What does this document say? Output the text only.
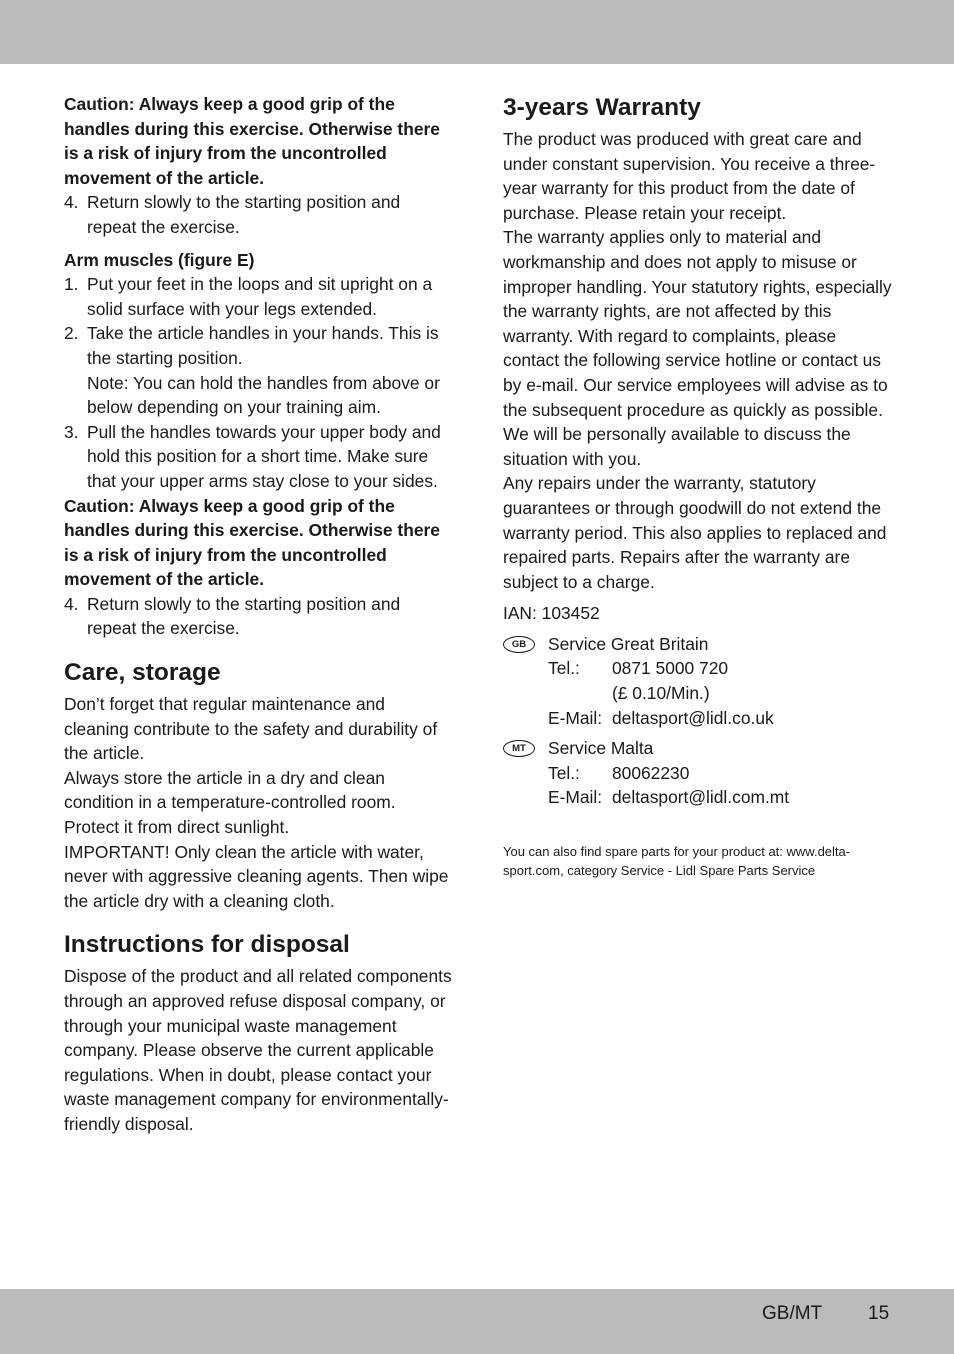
Caution: Always keep a good grip of the handles during this exercise. Otherwise there is a risk of injury from the uncontrolled movement of the article.

4. Return slowly to the starting position and repeat the exercise.

Arm muscles (figure E)

1. Put your feet in the loops and sit upright on a solid surface with your legs extended.
2. Take the article handles in your hands. This is the starting position.
Note: You can hold the handles from above or below depending on your training aim.
3. Pull the handles towards your upper body and hold this position for a short time. Make sure that your upper arms stay close to your sides.

Caution: Always keep a good grip of the handles during this exercise. Otherwise there is a risk of injury from the uncontrolled movement of the article.

4. Return slowly to the starting position and repeat the exercise.
Care, storage

Don’t forget that regular maintenance and cleaning contribute to the safety and durability of the article.

Always store the article in a dry and clean condition in a temperature-controlled room. Protect it from direct sunlight.

IMPORTANT! Only clean the article with water, never with aggressive cleaning agents. Then wipe the article dry with a cleaning cloth.

Instructions for disposal

Dispose of the product and all related components through an approved refuse disposal company, or through your municipal waste management company. Please observe the current applicable regulations. When in doubt, please contact your waste management company for environmentally-friendly disposal.

3-years Warranty

The product was produced with great care and under constant supervision. You receive a three-year warranty for this product from the date of purchase. Please retain your receipt.

The warranty applies only to material and workmanship and does not apply to misuse or improper handling. Your statutory rights, especially the warranty rights, are not affected by this warranty. With regard to complaints, please contact the following service hotline or contact us by e-mail. Our service employees will advise as to the subsequent procedure as quickly as possible. We will be personally available to discuss the situation with you.

Any repairs under the warranty, statutory guarantees or through goodwill do not extend the warranty period. This also applies to replaced and repaired parts. Repairs after the warranty are subject to a charge.

IAN: 103452

GB	Service Great Britain
Tel.:	0871 5000 720
(£ 0.10/Min.)
E-Mail: deltasport@lidl.co.uk
MT	Service Malta
Tel.:	80062230
E-Mail: deltasport@lidl.com.mt

You can also find spare parts for your product at: www.delta-sport.com, category Service - Lidl Spare Parts Service

GB/MT 15
